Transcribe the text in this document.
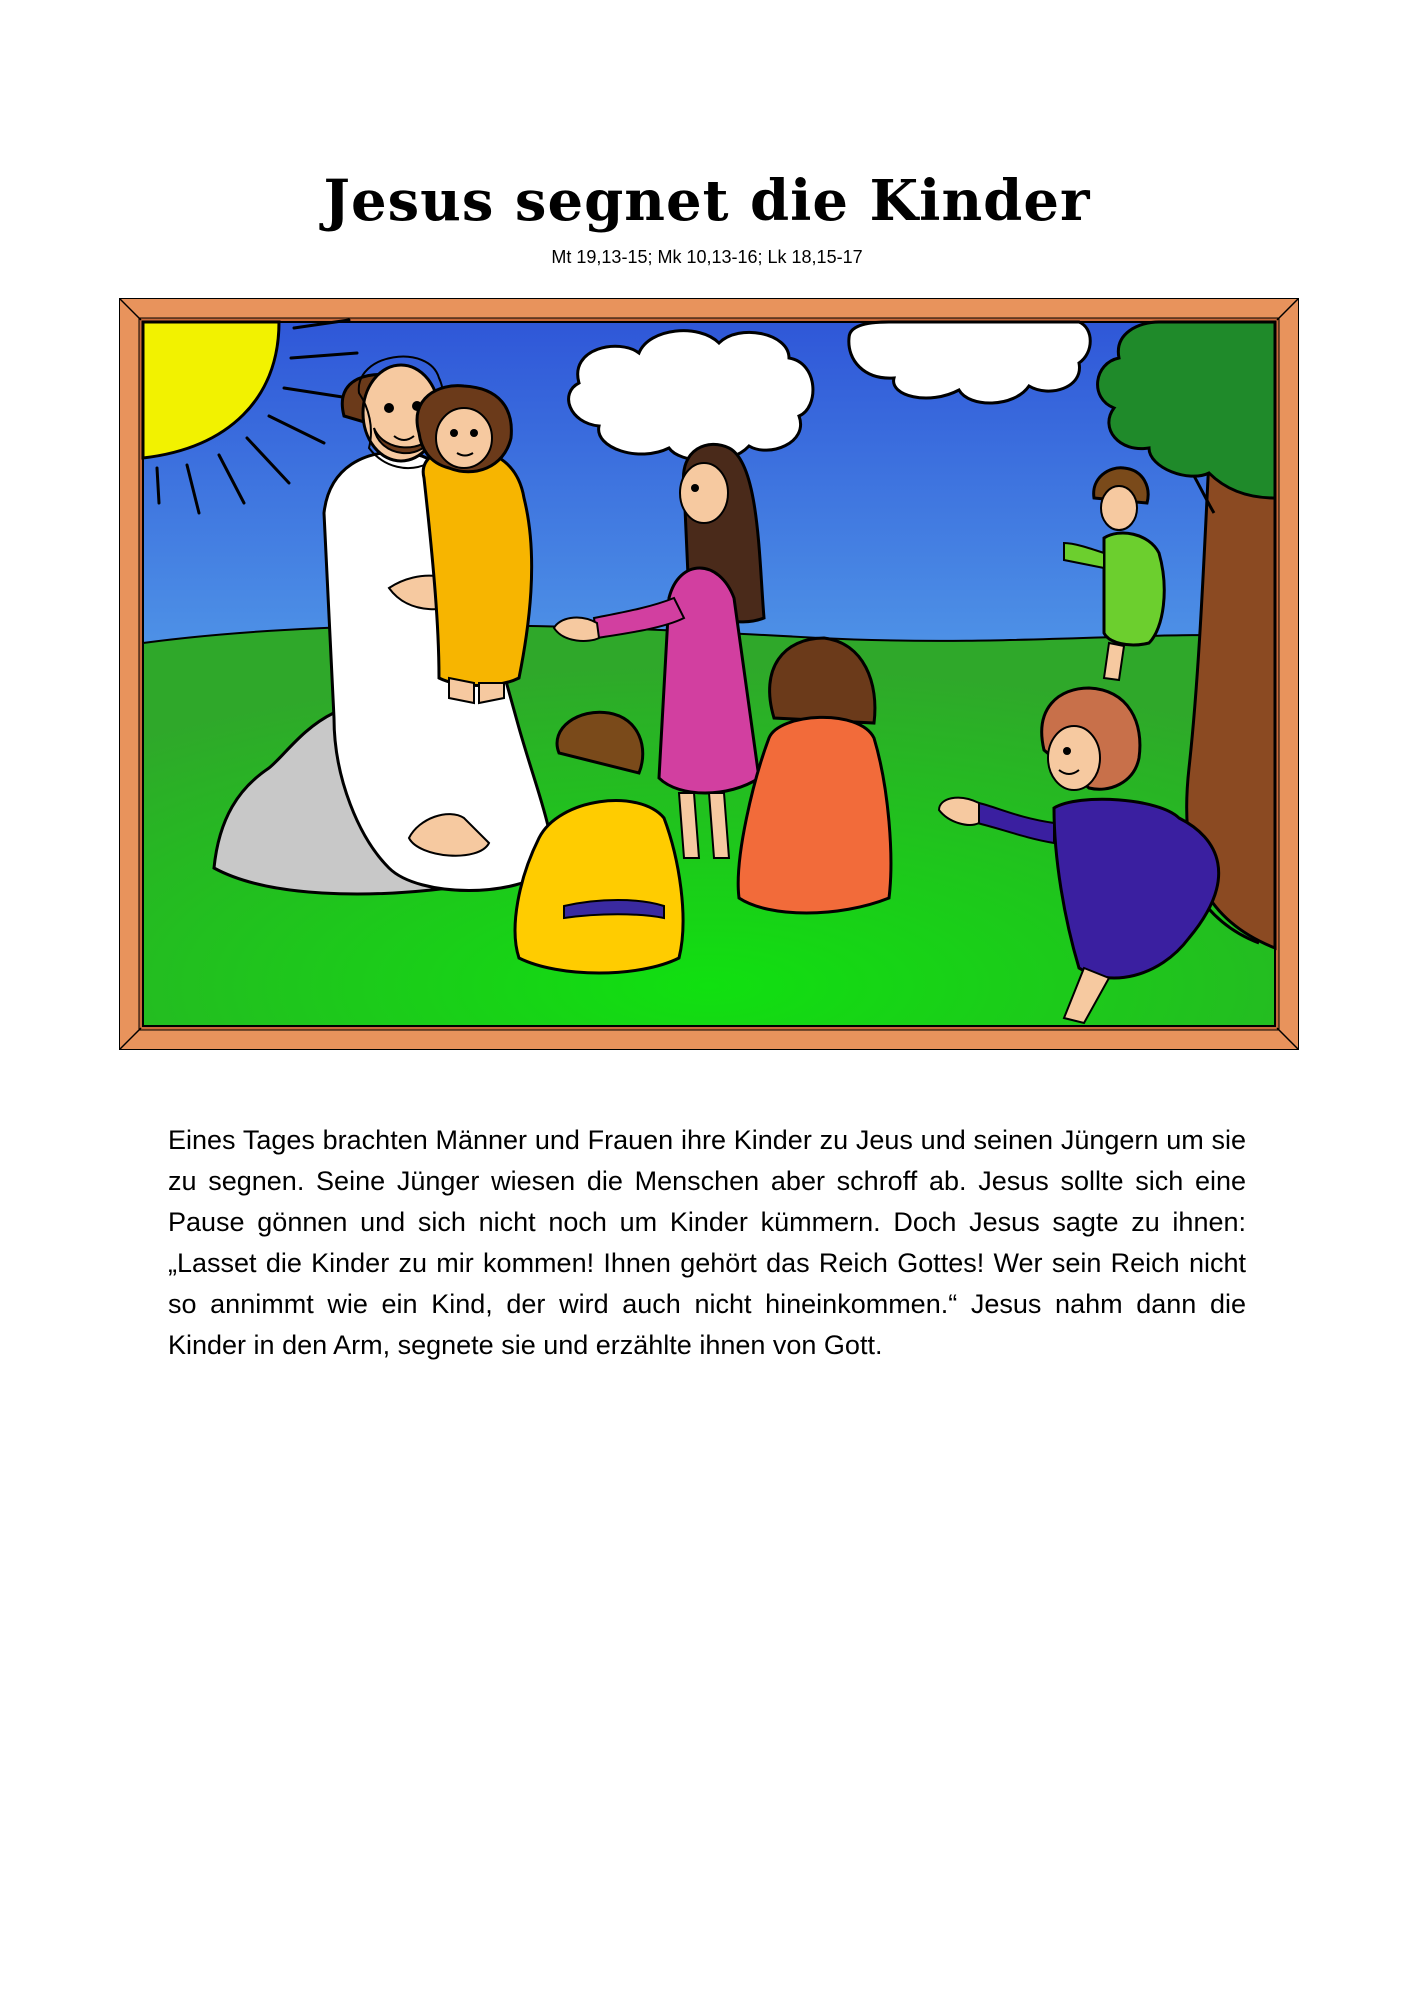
Jesus segnet die Kinder
Mt 19,13-15; Mk 10,13-16; Lk 18,15-17
Eines Tages brachten Männer und Frauen ihre Kinder zu Jeus und seinen Jüngern um sie zu segnen. Seine Jünger wiesen die Menschen aber schroff ab. Jesus sollte sich eine Pause gönnen und sich nicht noch um Kinder kümmern. Doch Jesus sagte zu ihnen: „Lasset die Kinder zu mir kommen! Ihnen gehört das Reich Gottes! Wer sein Reich nicht so annimmt wie ein Kind, der wird auch nicht hineinkommen.“ Jesus nahm dann die Kinder in den Arm, segnete sie und erzählte ihnen von Gott.
